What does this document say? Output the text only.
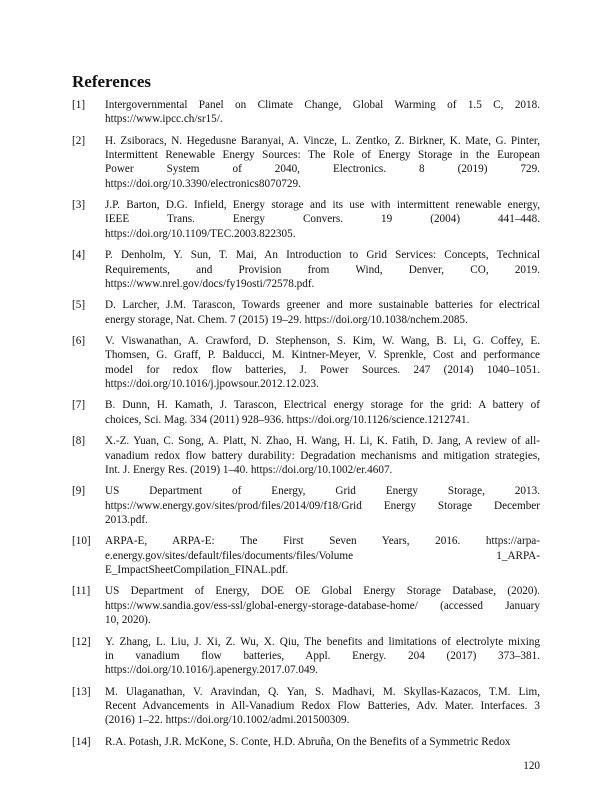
References
[1] Intergovernmental Panel on Climate Change, Global Warming of 1.5 C, 2018.
https://www.ipcc.ch/sr15/.
[2] H. Zsiboracs, N. Hegedusne Baranyai, A. Vincze, L. Zentko, Z. Birkner, K. Mate, G. Pinter,
Intermittent Renewable Energy Sources: The Role of Energy Storage in the European
Power System of 2040, Electronics. 8 (2019) 729.
https://doi.org/10.3390/electronics8070729.
[3] J.P. Barton, D.G. Infield, Energy storage and its use with intermittent renewable energy,
IEEE Trans. Energy Convers. 19 (2004) 441–448.
https://doi.org/10.1109/TEC.2003.822305.
[4] P. Denholm, Y. Sun, T. Mai, An Introduction to Grid Services: Concepts, Technical
Requirements, and Provision from Wind, Denver, CO, 2019.
https://www.nrel.gov/docs/fy19osti/72578.pdf.
[5] D. Larcher, J.M. Tarascon, Towards greener and more sustainable batteries for electrical
energy storage, Nat. Chem. 7 (2015) 19–29. https://doi.org/10.1038/nchem.2085.
[6] V. Viswanathan, A. Crawford, D. Stephenson, S. Kim, W. Wang, B. Li, G. Coffey, E.
Thomsen, G. Graff, P. Balducci, M. Kintner-Meyer, V. Sprenkle, Cost and performance
model for redox flow batteries, J. Power Sources. 247 (2014) 1040–1051.
https://doi.org/10.1016/j.jpowsour.2012.12.023.
[7] B. Dunn, H. Kamath, J. Tarascon, Electrical energy storage for the grid: A battery of
choices, Sci. Mag. 334 (2011) 928–936. https://doi.org/10.1126/science.1212741.
[8] X.-Z. Yuan, C. Song, A. Platt, N. Zhao, H. Wang, H. Li, K. Fatih, D. Jang, A review of all-
vanadium redox flow battery durability: Degradation mechanisms and mitigation strategies,
Int. J. Energy Res. (2019) 1–40. https://doi.org/10.1002/er.4607.
[9] US Department of Energy, Grid Energy Storage, 2013.
https://www.energy.gov/sites/prod/files/2014/09/f18/Grid Energy Storage December
2013.pdf.
[10] ARPA-E, ARPA-E: The First Seven Years, 2016. https://arpa-
e.energy.gov/sites/default/files/documents/files/Volume 1_ARPA-
E_ImpactSheetCompilation_FINAL.pdf.
[11] US Department of Energy, DOE OE Global Energy Storage Database, (2020).
https://www.sandia.gov/ess-ssl/global-energy-storage-database-home/ (accessed January
10, 2020).
[12] Y. Zhang, L. Liu, J. Xi, Z. Wu, X. Qiu, The benefits and limitations of electrolyte mixing
in vanadium flow batteries, Appl. Energy. 204 (2017) 373–381.
https://doi.org/10.1016/j.apenergy.2017.07.049.
[13] M. Ulaganathan, V. Aravindan, Q. Yan, S. Madhavi, M. Skyllas-Kazacos, T.M. Lim,
Recent Advancements in All-Vanadium Redox Flow Batteries, Adv. Mater. Interfaces. 3
(2016) 1–22. https://doi.org/10.1002/admi.201500309.
[14] R.A. Potash, J.R. McKone, S. Conte, H.D. Abruña, On the Benefits of a Symmetric Redox
120
